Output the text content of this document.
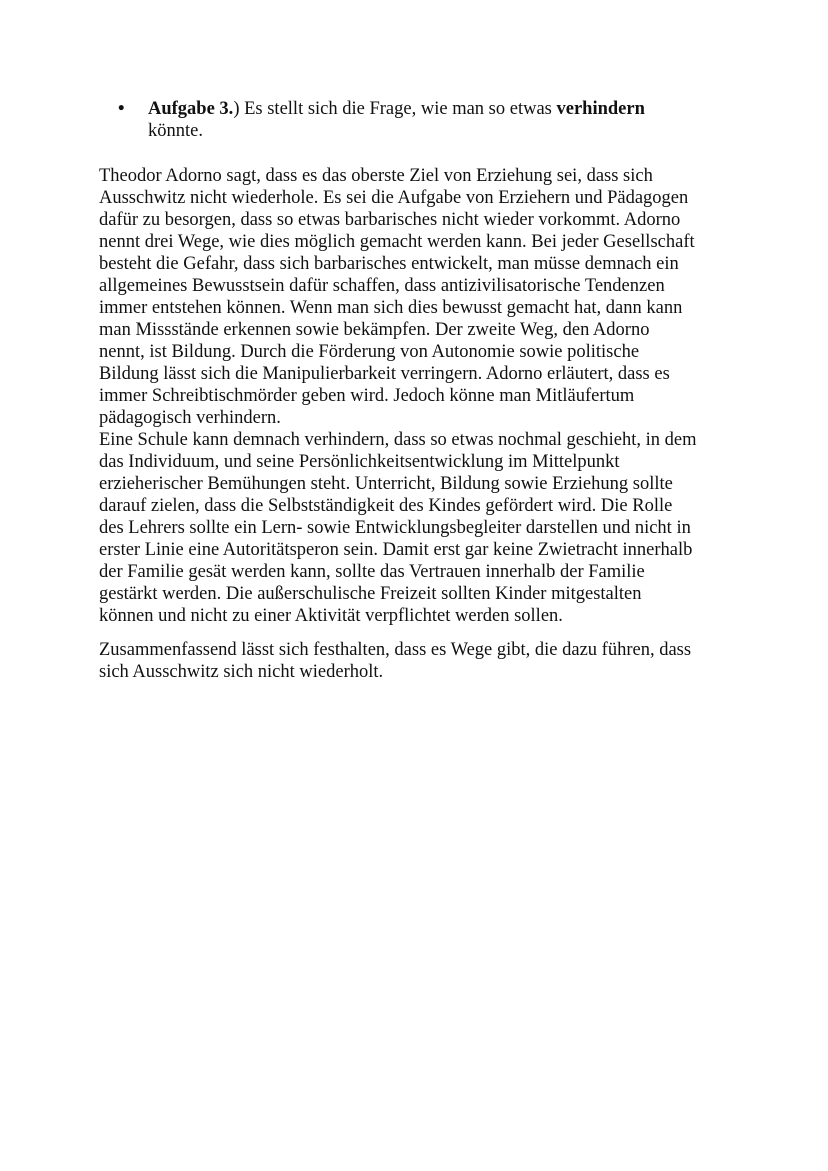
•	Aufgabe 3.) Es stellt sich die Frage, wie man so etwas verhindern
könnte.
Theodor Adorno sagt, dass es das oberste Ziel von Erziehung sei, dass sich
Ausschwitz nicht wiederhole. Es sei die Aufgabe von Erziehern und Pädagogen
dafür zu besorgen, dass so etwas barbarisches nicht wieder vorkommt. Adorno
nennt drei Wege, wie dies möglich gemacht werden kann. Bei jeder Gesellschaft
besteht die Gefahr, dass sich barbarisches entwickelt, man müsse demnach ein
allgemeines Bewusstsein dafür schaffen, dass antizivilisatorische Tendenzen
immer entstehen können. Wenn man sich dies bewusst gemacht hat, dann kann
man Missstände erkennen sowie bekämpfen. Der zweite Weg, den Adorno
nennt, ist Bildung. Durch die Förderung von Autonomie sowie politische
Bildung lässt sich die Manipulierbarkeit verringern. Adorno erläutert, dass es
immer Schreibtischmörder geben wird. Jedoch könne man Mitläufertum
pädagogisch verhindern.
Eine Schule kann demnach verhindern, dass so etwas nochmal geschieht, in dem
das Individuum, und seine Persönlichkeitsentwicklung im Mittelpunkt
erzieherischer Bemühungen steht. Unterricht, Bildung sowie Erziehung sollte
darauf zielen, dass die Selbstständigkeit des Kindes gefördert wird. Die Rolle
des Lehrers sollte ein Lern- sowie Entwicklungsbegleiter darstellen und nicht in
erster Linie eine Autoritätsperon sein. Damit erst gar keine Zwietracht innerhalb
der Familie gesät werden kann, sollte das Vertrauen innerhalb der Familie
gestärkt werden. Die außerschulische Freizeit sollten Kinder mitgestalten
können und nicht zu einer Aktivität verpflichtet werden sollen.
Zusammenfassend lässt sich festhalten, dass es Wege gibt, die dazu führen, dass
sich Ausschwitz sich nicht wiederholt.
